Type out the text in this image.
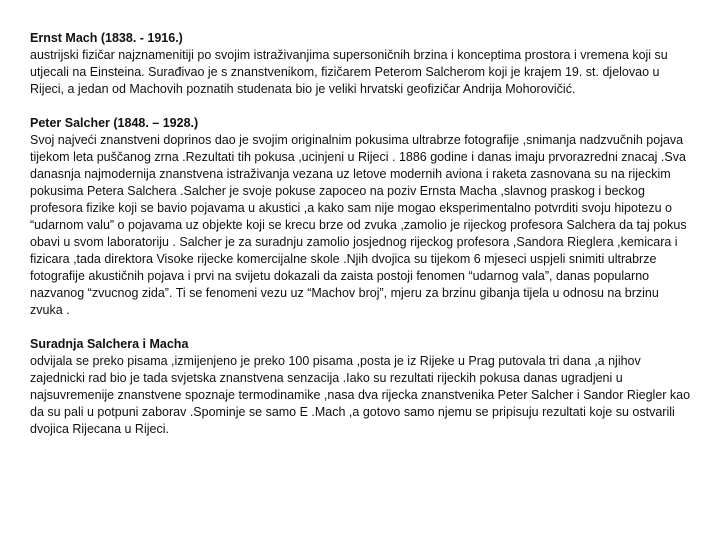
Ernst Mach (1838. - 1916.)

austrijski fizičar najznamenitiji po svojim istraživanjima supersoničnih brzina i konceptima prostora i vremena koji su utjecali na Einsteina. Surađivao je s znanstvenikom, fizičarem Peterom Salcherom koji je krajem 19. st. djelovao u Rijeci, a jedan od Machovih poznatih studenata bio je veliki hrvatski geofizičar Andrija Mohorovičić.

Peter Salcher (1848. – 1928.)

Svoj najveći znanstveni doprinos dao je svojim originalnim pokusima ultrabrze fotografije ,snimanja nadzvučnih pojava tijekom leta puščanog zrna .Rezultati tih pokusa ,ucinjeni u Rijeci . 1886 godine i danas imaju prvorazredni znacaj .Sva danasnja najmodernija znanstvena istraživanja vezana uz letove modernih aviona i raketa zasnovana su na rijeckim pokusima Petera Salchera .Salcher je svoje pokuse zapoceo na poziv Ernsta Macha ,slavnog praskog i beckog profesora fizike koji se bavio pojavama u akustici ,a kako sam nije mogao eksperimentalno potvrditi svoju hipotezu o “udarnom valu” o pojavama uz objekte koji se krecu brze od zvuka ,zamolio je rijeckog profesora Salchera da taj pokus obavi u svom laboratoriju . Salcher je za suradnju zamolio josjednog rijeckog profesora ,Sandora Rieglera ,kemicara i fizicara ,tada direktora Visoke rijecke komercijalne skole .Njih dvojica su tijekom 6 mjeseci uspjeli snimiti ultrabrze fotografije akustičnih pojava i prvi na svijetu dokazali da zaista postoji fenomen “udarnog vala”, danas popularno nazvanog “zvucnog zida”. Ti se fenomeni vezu uz “Machov broj”, mjeru za brzinu gibanja tijela u odnosu na brzinu zvuka .

Suradnja Salchera i Macha

odvijala se preko pisama ,izmijenjeno je preko 100 pisama ,posta je iz Rijeke u Prag putovala tri dana ,a njihov zajednicki rad bio je tada svjetska znanstvena senzacija .Iako su rezultati rijeckih pokusa danas ugradjeni u najsuvremenije znanstvene spoznaje termodinamike ,nasa dva rijecka znanstvenika Peter Salcher i Sandor Riegler kao da su pali u potpuni zaborav .Spominje se samo E .Mach ,a gotovo samo njemu se pripisuju rezultati koje su ostvarili dvojica Rijecana u Rijeci.
